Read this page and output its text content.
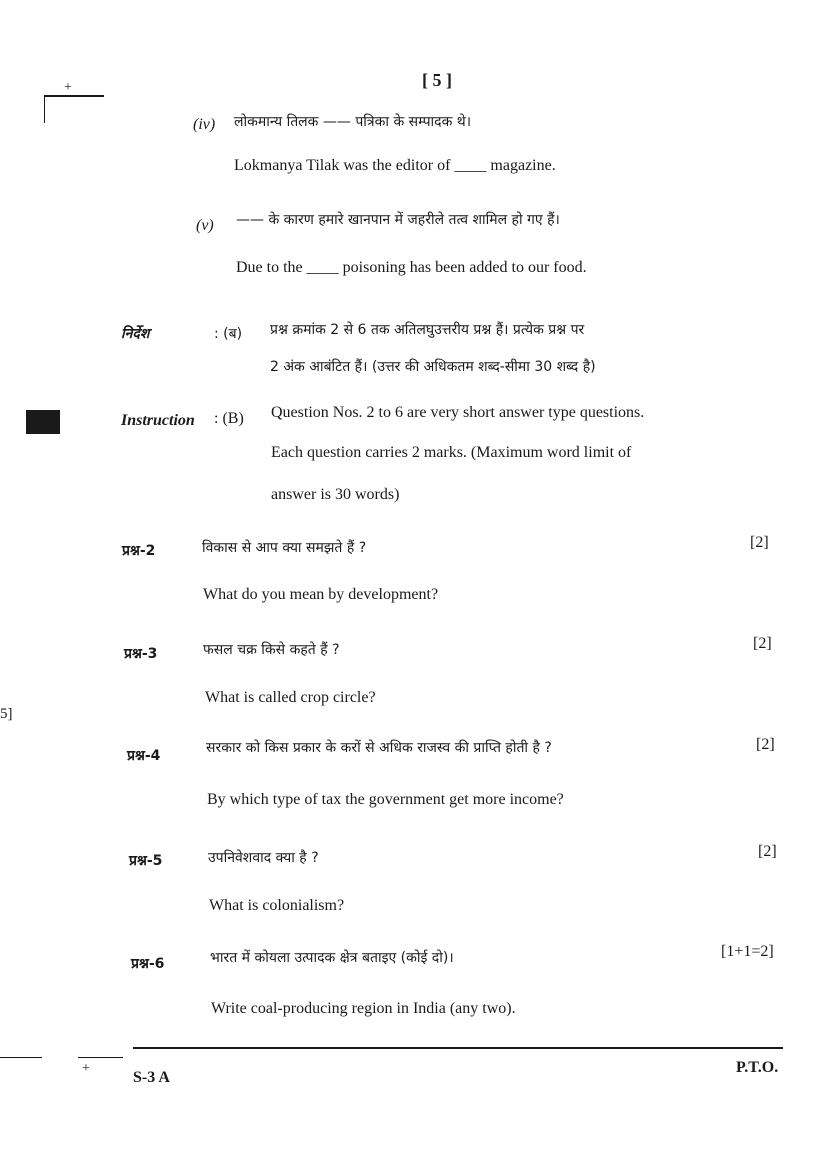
+
5]
[ 5 ]
(iv) लोकमान्य तिलक —— पत्रिका के सम्पादक थे।
Lokmanya Tilak was the editor of ____ magazine.
(v) —— के कारण हमारे खानपान में जहरीले तत्व शामिल हो गए हैं।
Due to the ____ poisoning has been added to our food.
निर्देश	: (ब) प्रश्न क्रमांक 2 से 6 तक अतिलघुउत्तरीय प्रश्न हैं। प्रत्येक प्रश्न पर
2 अंक आबंटित हैं। (उत्तर की अधिकतम शब्द-सीमा 30 शब्द है)
Instruction : (B) Question Nos. 2 to 6 are very short answer type questions.
Each question carries 2 marks. (Maximum word limit of
answer is 30 words)
प्रश्न-2	विकास से आप क्या समझते हैं ?	[2]
What do you mean by development?
प्रश्न-3	फसल चक्र किसे कहते हैं ?	[2]
What is called crop circle?
प्रश्न-4	सरकार को किस प्रकार के करों से अधिक राजस्व की प्राप्ति होती है ?	[2]
By which type of tax the government get more income?
प्रश्न-5	उपनिवेशवाद क्या है ?	[2]
What is colonialism?
प्रश्न-6	भारत में कोयला उत्पादक क्षेत्र बताइए (कोई दो)।	[1+1=2]
Write coal-producing region in India (any two).
+
S-3 A
P.T.O.
